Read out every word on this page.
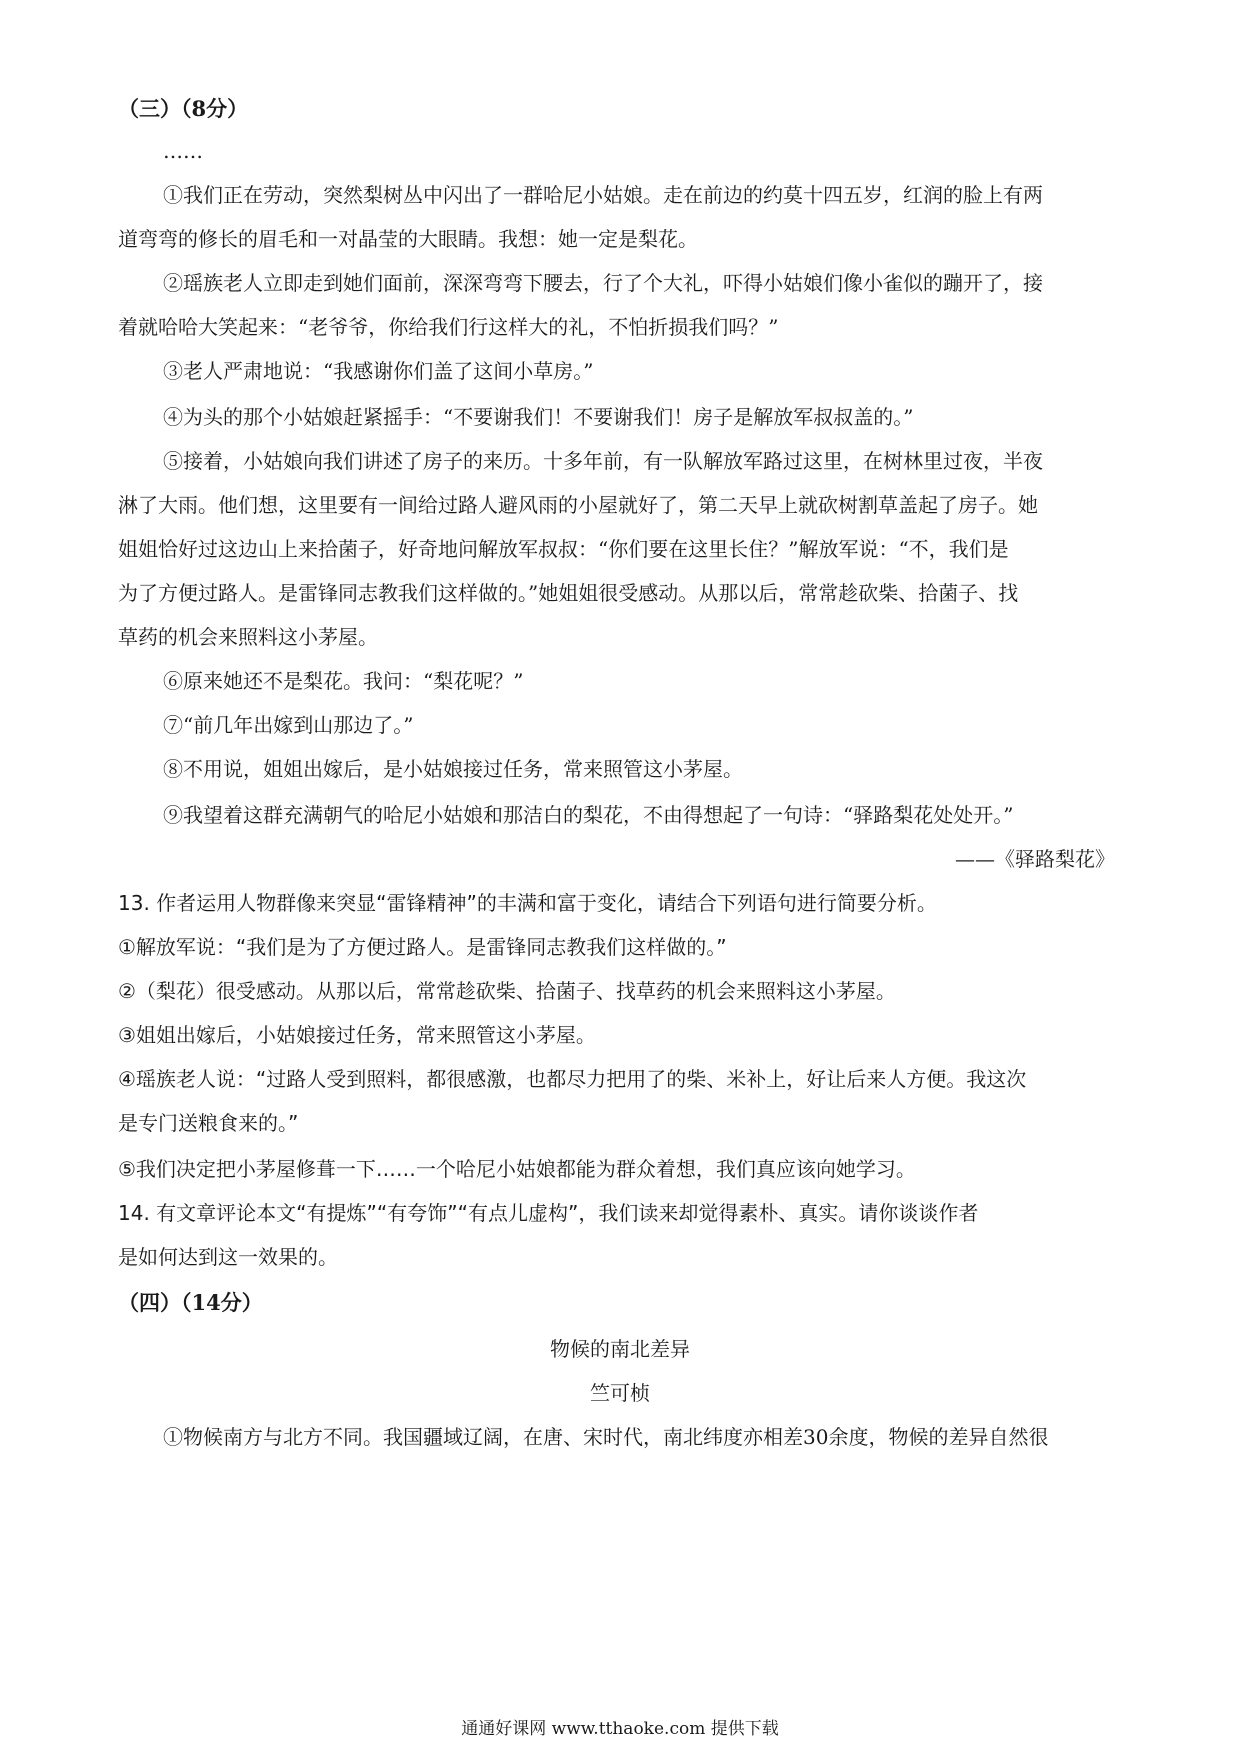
（三）（8分）
……
①我们正在劳动，突然梨树丛中闪出了一群哈尼小姑娘。走在前边的约莫十四五岁，红润的脸上有两
道弯弯的修长的眉毛和一对晶莹的大眼睛。我想：她一定是梨花。
②瑶族老人立即走到她们面前，深深弯弯下腰去，行了个大礼，吓得小姑娘们像小雀似的蹦开了，接
着就哈哈大笑起来：“老爷爷，你给我们行这样大的礼，不怕折损我们吗？”
③老人严肃地说：“我感谢你们盖了这间小草房。”
④为头的那个小姑娘赶紧摇手：“不要谢我们！不要谢我们！房子是解放军叔叔盖的。”
⑤接着，小姑娘向我们讲述了房子的来历。十多年前，有一队解放军路过这里，在树林里过夜，半夜
淋了大雨。他们想，这里要有一间给过路人避风雨的小屋就好了，第二天早上就砍树割草盖起了房子。她
姐姐恰好过这边山上来拾菌子，好奇地问解放军叔叔：“你们要在这里长住？”解放军说：“不，我们是
为了方便过路人。是雷锋同志教我们这样做的。”她姐姐很受感动。从那以后，常常趁砍柴、拾菌子、找
草药的机会来照料这小茅屋。
⑥原来她还不是梨花。我问：“梨花呢？”
⑦“前几年出嫁到山那边了。”
⑧不用说，姐姐出嫁后，是小姑娘接过任务，常来照管这小茅屋。
⑨我望着这群充满朝气的哈尼小姑娘和那洁白的梨花，不由得想起了一句诗：“驿路梨花处处开。”
——《驿路梨花》
13. 作者运用人物群像来突显“雷锋精神”的丰满和富于变化，请结合下列语句进行简要分析。
①解放军说：“我们是为了方便过路人。是雷锋同志教我们这样做的。”
②（梨花）很受感动。从那以后，常常趁砍柴、拾菌子、找草药的机会来照料这小茅屋。
③姐姐出嫁后，小姑娘接过任务，常来照管这小茅屋。
④瑶族老人说：“过路人受到照料，都很感激，也都尽力把用了的柴、米补上，好让后来人方便。我这次
是专门送粮食来的。”
⑤我们决定把小茅屋修葺一下……一个哈尼小姑娘都能为群众着想，我们真应该向她学习。
14. 有文章评论本文“有提炼”“有夸饰”“有点儿虚构”，我们读来却觉得素朴、真实。请你谈谈作者
是如何达到这一效果的。
（四）（14分）
物候的南北差异
竺可桢
①物候南方与北方不同。我国疆域辽阔，在唐、宋时代，南北纬度亦相差30余度，物候的差异自然很
通通好课网 www.tthaoke.com 提供下载
